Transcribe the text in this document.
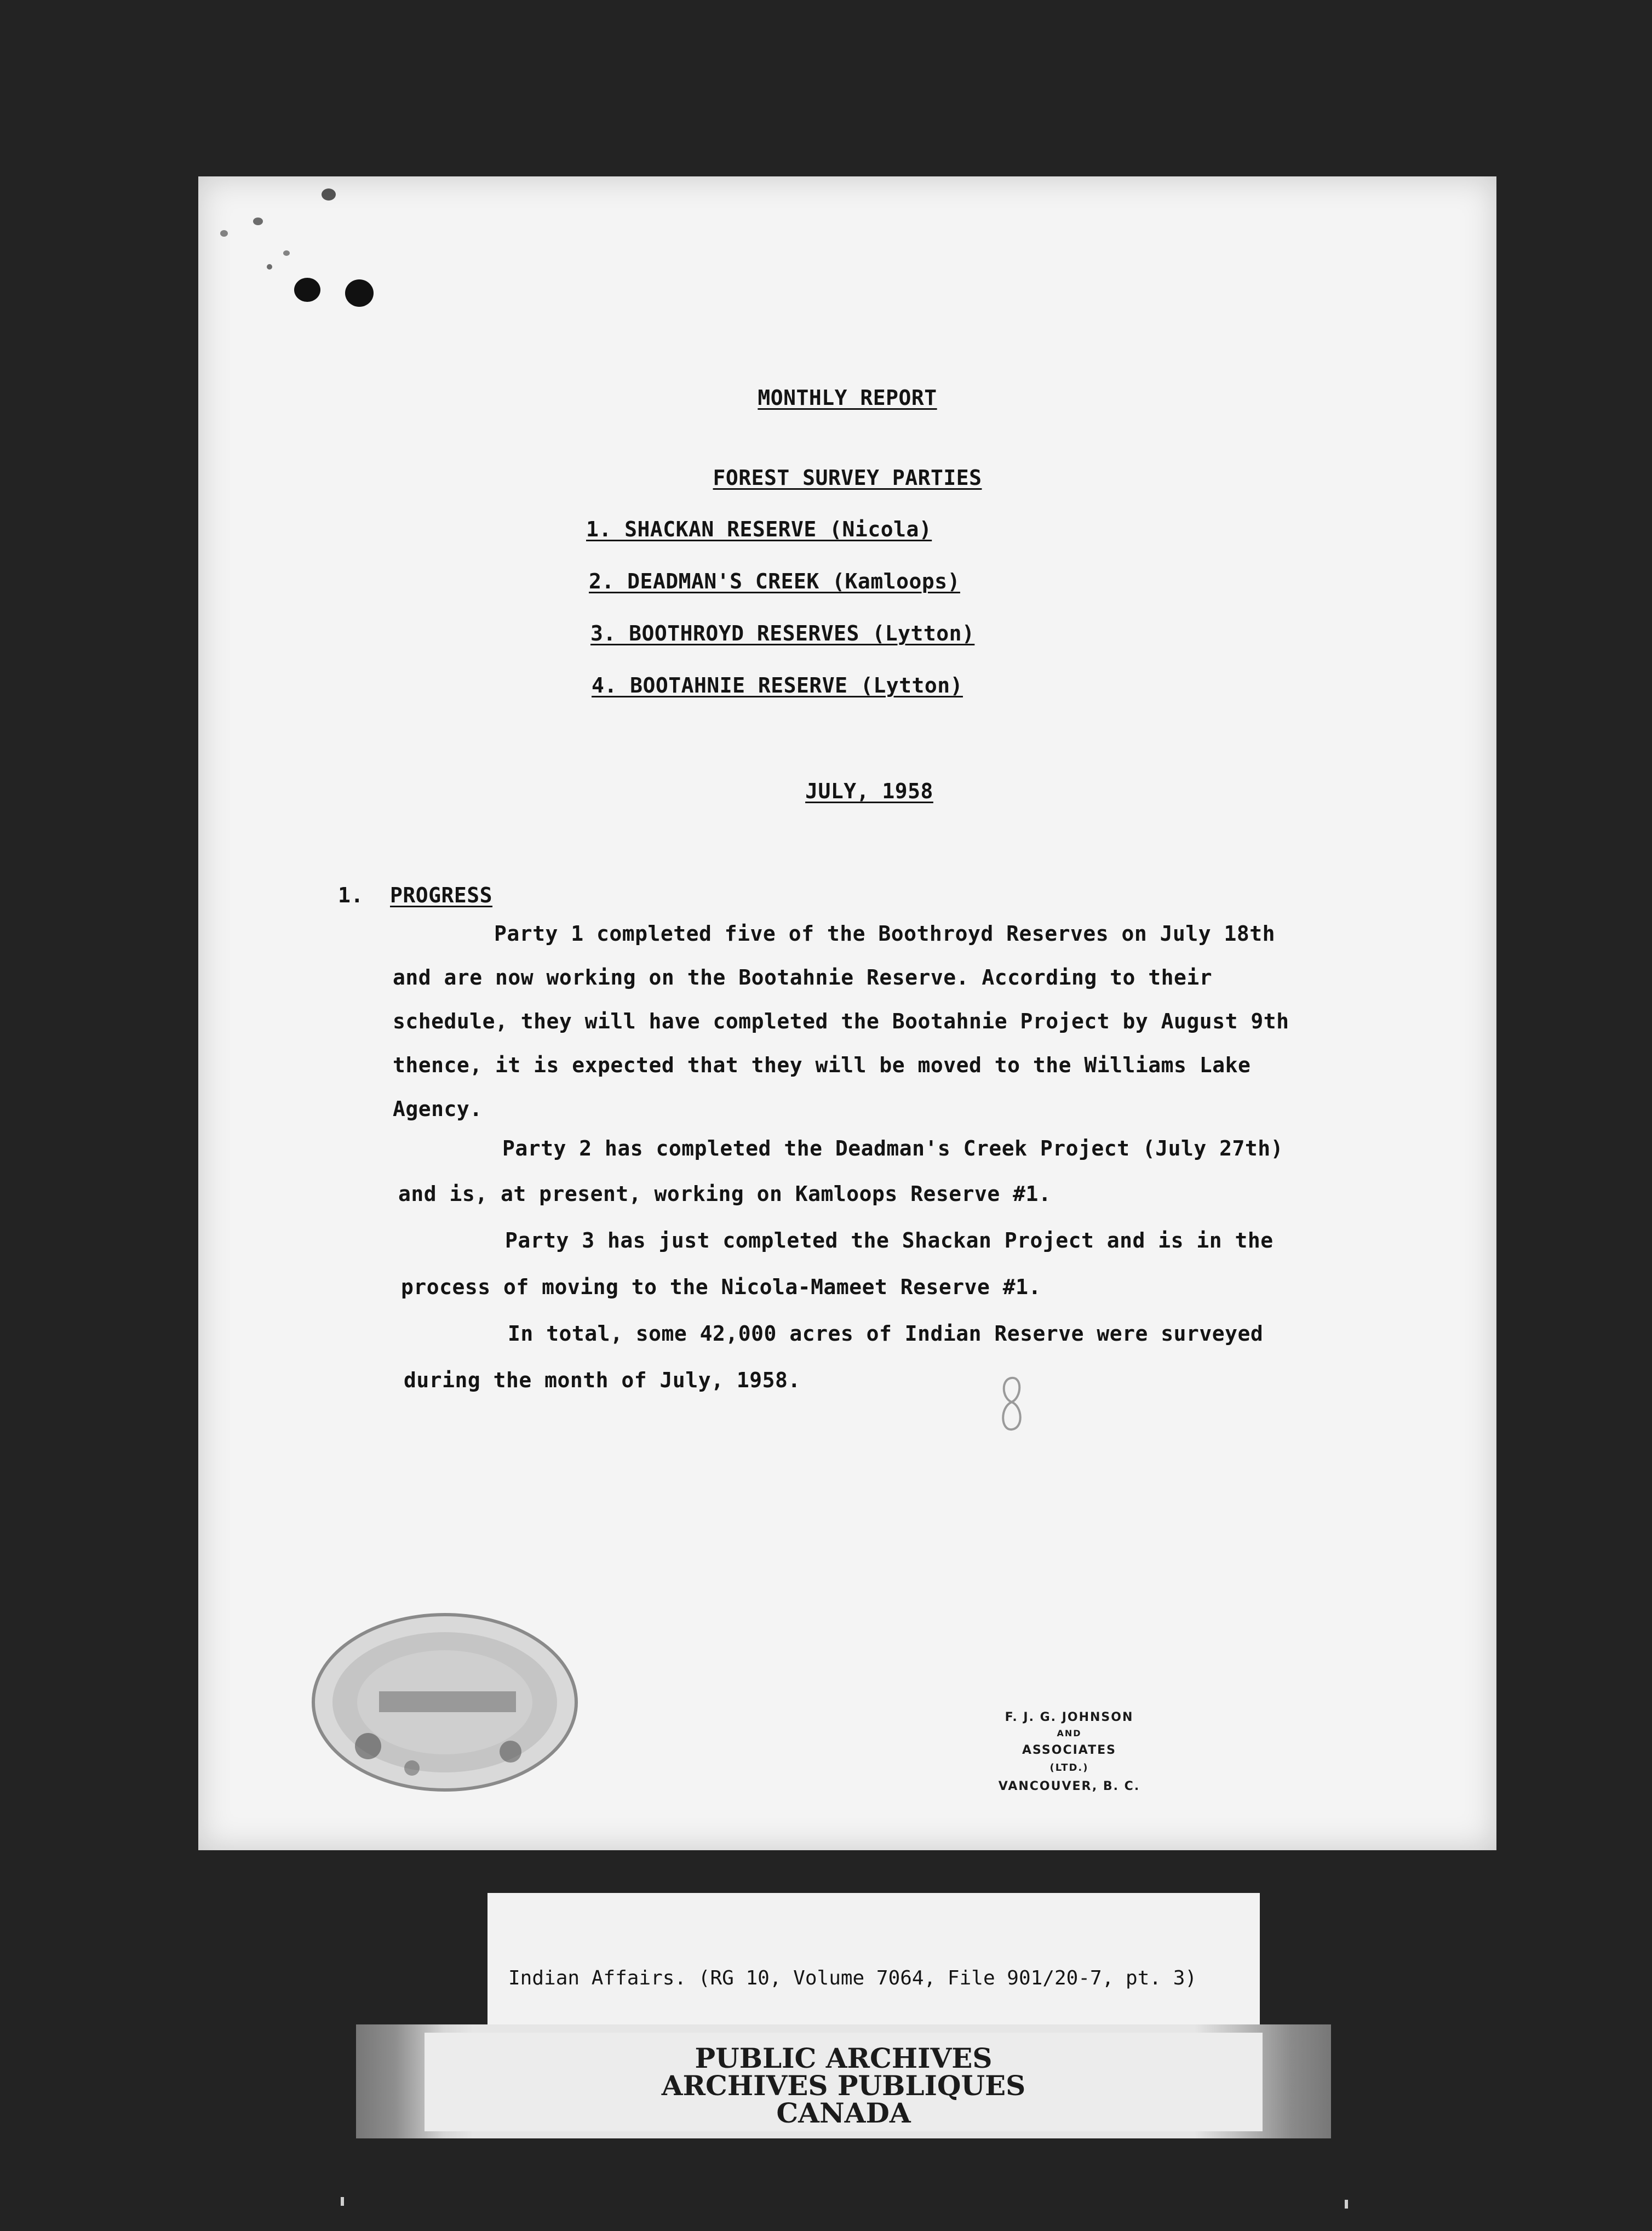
MONTHLY REPORT
FOREST SURVEY PARTIES
1. SHACKAN RESERVE (Nicola)
2. DEADMAN'S CREEK (Kamloops)
3. BOOTHROYD RESERVES (Lytton)
4. BOOTAHNIE RESERVE (Lytton)
JULY, 1958
1. PROGRESS
Party 1 completed five of the Boothroyd Reserves on July 18th
and are now working on the Bootahnie Reserve. According to their
schedule, they will have completed the Bootahnie Project by August 9th
thence, it is expected that they will be moved to the Williams Lake
Agency.
Party 2 has completed the Deadman's Creek Project (July 27th)
and is, at present, working on Kamloops Reserve #1.
Party 3 has just completed the Shackan Project and is in the
process of moving to the Nicola-Mameet Reserve #1.
In total, some 42,000 acres of Indian Reserve were surveyed
during the month of July, 1958.
F. J. G. JOHNSON
AND
ASSOCIATES
(LTD.)
VANCOUVER, B. C.
Indian Affairs. (RG 10, Volume 7064, File 901/20-7, pt. 3)
PUBLIC ARCHIVES
ARCHIVES PUBLIQUES
CANADA
